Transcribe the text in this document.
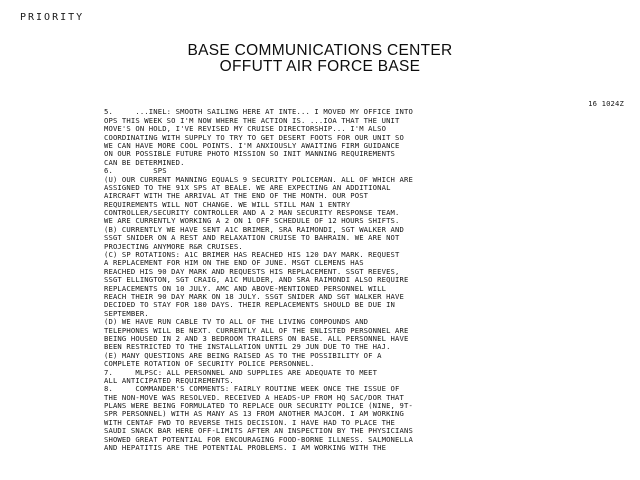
PRIORITY
BASE COMMUNICATIONS CENTER
OFFUTT AIR FORCE BASE

16 1024Z

5.     ...INEL: SMOOTH SAILING HERE AT INTE... I MOVED MY OFFICE INTO
OPS THIS WEEK SO I'M NOW WHERE THE ACTION IS. ...IOA THAT THE UNIT
MOVE'S ON HOLD, I'VE REVISED MY CRUISE DIRECTORSHIP... I'M ALSO
COORDINATING WITH SUPPLY TO TRY TO GET DESERT FOOTS FOR OUR UNIT SO
WE CAN HAVE MORE COOL POINTS. I'M ANXIOUSLY AWAITING FIRM GUIDANCE
ON OUR POSSIBLE FUTURE PHOTO MISSION SO INIT MANNING REQUIREMENTS
CAN BE DETERMINED.
6.         SPS
(U) OUR CURRENT MANNING EQUALS 9 SECURITY POLICEMAN. ALL OF WHICH ARE
ASSIGNED TO THE 91X SPS AT BEALE. WE ARE EXPECTING AN ADDITIONAL
AIRCRAFT WITH THE ARRIVAL AT THE END OF THE MONTH. OUR POST
REQUIREMENTS WILL NOT CHANGE. WE WILL STILL MAN 1 ENTRY
CONTROLLER/SECURITY CONTROLLER AND A 2 MAN SECURITY RESPONSE TEAM.
WE ARE CURRENTLY WORKING A 2 ON 1 OFF SCHEDULE OF 12 HOURS SHIFTS.
(B) CURRENTLY WE HAVE SENT A1C BRIMER, SRA RAIMONDI, SGT WALKER AND
SSGT SNIDER ON A REST AND RELAXATION CRUISE TO BAHRAIN. WE ARE NOT
PROJECTING ANYMORE R&R CRUISES.
(C) SP ROTATIONS: A1C BRIMER HAS REACHED HIS 120 DAY MARK. REQUEST
A REPLACEMENT FOR HIM ON THE END OF JUNE. MSGT CLEMENS HAS
REACHED HIS 90 DAY MARK AND REQUESTS HIS REPLACEMENT. SSGT REEVES,
SSGT ELLINGTON, SGT CRAIG, A1C MULDER, AND SRA RAIMONDI ALSO REQUIRE
REPLACEMENTS ON 10 JULY. AMC AND ABOVE-MENTIONED PERSONNEL WILL
REACH THEIR 90 DAY MARK ON 18 JULY. SSGT SNIDER AND SGT WALKER HAVE
DECIDED TO STAY FOR 180 DAYS. THEIR REPLACEMENTS SHOULD BE DUE IN
SEPTEMBER.
(D) WE HAVE RUN CABLE TV TO ALL OF THE LIVING COMPOUNDS AND
TELEPHONES WILL BE NEXT. CURRENTLY ALL OF THE ENLISTED PERSONNEL ARE
BEING HOUSED IN 2 AND 3 BEDROOM TRAILERS ON BASE. ALL PERSONNEL HAVE
BEEN RESTRICTED TO THE INSTALLATION UNTIL 29 JUN DUE TO THE HAJ.
(E) MANY QUESTIONS ARE BEING RAISED AS TO THE POSSIBILITY OF A
COMPLETE ROTATION OF SECURITY POLICE PERSONNEL.
7.     MLPSC: ALL PERSONNEL AND SUPPLIES ARE ADEQUATE TO MEET
ALL ANTICIPATED REQUIREMENTS.
8.     COMMANDER'S COMMENTS: FAIRLY ROUTINE WEEK ONCE THE ISSUE OF
THE NON-MOVE WAS RESOLVED. RECEIVED A HEADS-UP FROM HQ SAC/DOR THAT
PLANS WERE BEING FORMULATED TO REPLACE OUR SECURITY POLICE (NINE, 9T-
SPR PERSONNEL) WITH AS MANY AS 13 FROM ANOTHER MAJCOM. I AM WORKING
WITH CENTAF FWD TO REVERSE THIS DECISION. I HAVE HAD TO PLACE THE
SAUDI SNACK BAR HERE OFF-LIMITS AFTER AN INSPECTION BY THE PHYSICIANS
SHOWED GREAT POTENTIAL FOR ENCOURAGING FOOD-BORNE ILLNESS. SALMONELLA
AND HEPATITIS ARE THE POTENTIAL PROBLEMS. I AM WORKING WITH THE
